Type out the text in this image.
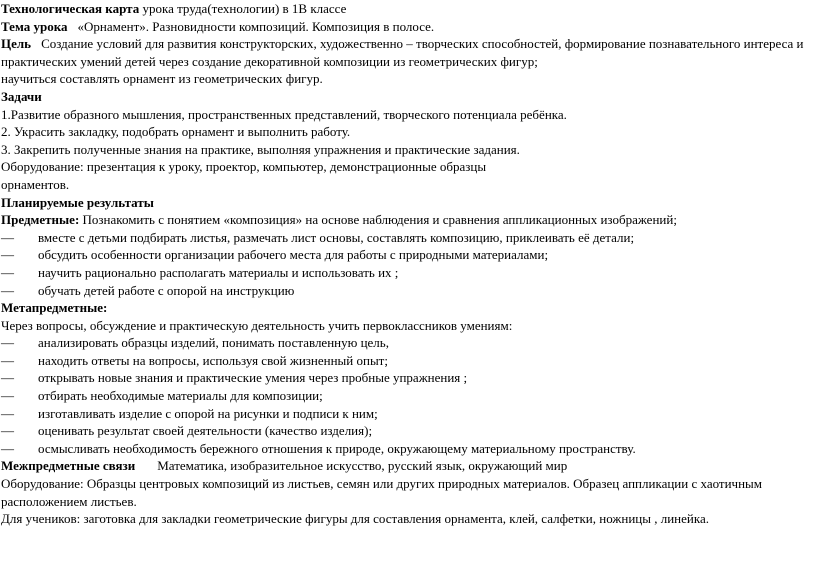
Технологическая карта урока труда(технологии) в 1В классе
Тема урока «Орнамент». Разновидности композиций. Композиция в полосе.
Цель Создание условий для развития конструкторских, художественно – творческих способностей, формирование познавательного интереса и практических умений детей через создание декоративной композиции из геометрических фигур;
научиться составлять орнамент из геометрических фигур.
Задачи
1.Развитие образного мышления, пространственных представлений, творческого потенциала ребёнка.
2. Украсить закладку, подобрать орнамент и выполнить работу.
3. Закрепить полученные знания на практике, выполняя упражнения и практические задания.
Оборудование: презентация к уроку, проектор, компьютер, демонстрационные образцы
орнаментов.
Планируемые результаты
Предметные: Познакомить с понятием «композиция» на основе наблюдения и сравнения аппликационных изображений;
—	вместе с детьми подбирать листья, размечать лист основы, составлять композицию, приклеивать её детали;
—	обсудить особенности организации рабочего места для работы с природными материалами;
—	научить рационально располагать материалы и использовать их ;
—	обучать детей работе с опорой на инструкцию
Метапредметные:
Через вопросы, обсуждение и практическую деятельность учить первоклассников умениям:
—	анализировать образцы изделий, понимать поставленную цель,
—	находить ответы на вопросы, используя свой жизненный опыт;
—	открывать новые знания и практические умения через пробные упражнения ;
—	отбирать необходимые материалы для композиции;
—	изготавливать изделие с опорой на рисунки и подписи к ним;
—	оценивать результат своей деятельности (качество изделия);
—	осмысливать необходимость бережного отношения к природе, окружающему материальному пространству.
Межпредметные связи Математика, изобразительное искусство, русский язык, окружающий мир
Оборудование: Образцы центровых композиций из листьев, семян или других природных материалов. Образец аппликации с хаотичным расположением листьев.
Для учеников: заготовка для закладки геометрические фигуры для составления орнамента, клей, салфетки, ножницы , линейка.
